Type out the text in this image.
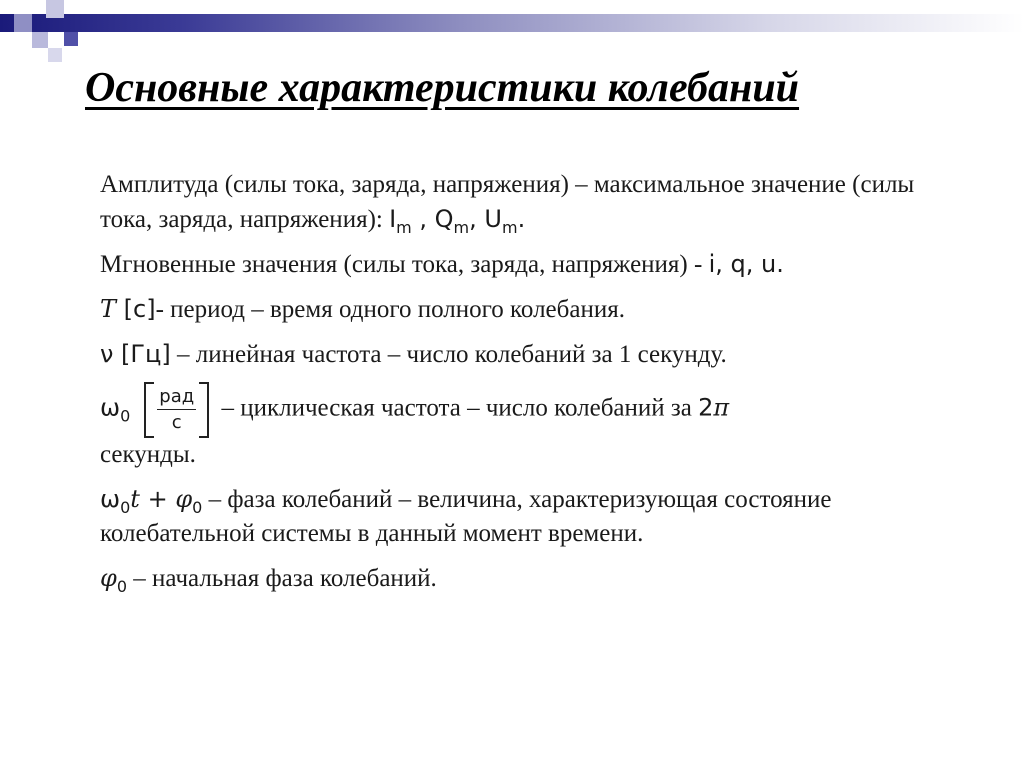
Основные характеристики колебаний

Амплитуда (силы тока, заряда, напряжения) – максимальное значение (силы тока, заряда, напряжения): $I_m$ , $Q_m$, $U_m$.

Мгновенные значения (силы тока, заряда, напряжения) - i, q, u.

T [с]- период – время одного полного колебания.

ν [Гц] – линейная частота – число колебаний за 1 секунду.

$\omega_0 \frac{\text{рад}}{с}$ – циклическая частота – число колебаний за 2π
секунды.

$\omega_0t + \varphi_0$ – фаза колебаний – величина, характеризующая состояние колебательной системы в данный момент времени.

$\varphi_0$ – начальная фаза колебаний.
